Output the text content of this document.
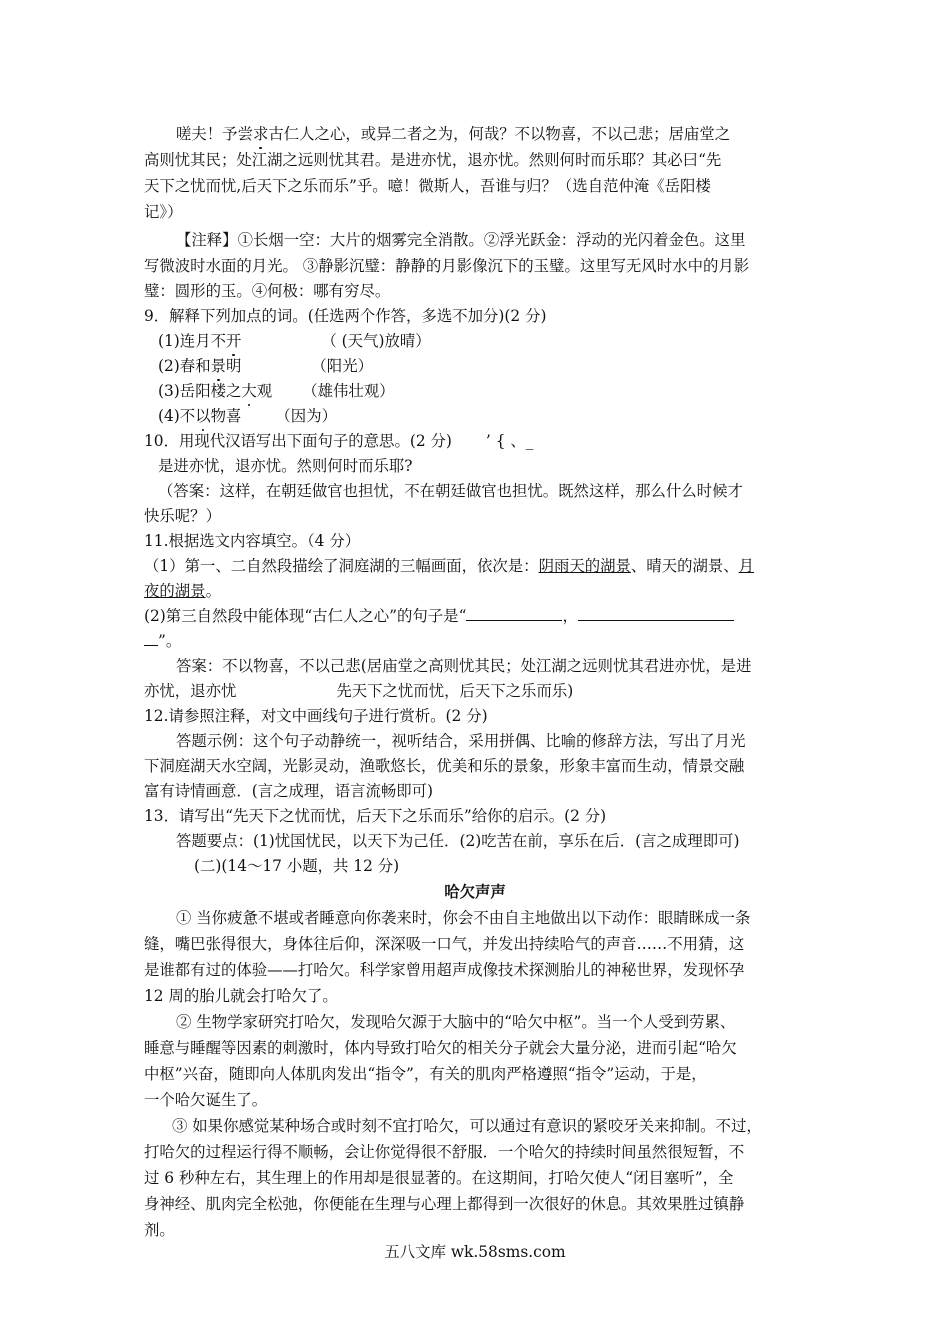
嗟夫！予尝求古仁人之心，或异二者之为，何哉？不以物喜，不以己悲；居庙堂之
高则忧其民；处江湖之远则忧其君。是进亦忧，退亦忧。然则何时而乐耶？其必曰“先
天下之忧而忧,后天下之乐而乐”乎。噫！微斯人，吾谁与归？（选自范仲淹《岳阳楼
记》）
【注释】①长烟一空：大片的烟雾完全消散。②浮光跃金：浮动的光闪着金色。这里
写微波时水面的月光。 ③静影沉璧：静静的月影像沉下的玉璧。这里写无风时水中的月影
璧：圆形的玉。④何极：哪有穷尽。
9．解释下列加点的词。(任选两个作答，多选不加分)(2 分)
(1)连月不开	（ (天气)放晴）
(2)春和景明	（阳光）
(3)岳阳楼之大观 （雄伟壮观）
(4)不以物喜 （因为）
10．用现代汉语写出下面句子的意思。(2 分) ’ { 、_
是进亦忧，退亦忧。然则何时而乐耶?
（答案：这样，在朝廷做官也担忧，不在朝廷做官也担忧。既然这样，那么什么时候才
快乐呢？）
11.根据选文内容填空。（4 分）
（1）第一、二自然段描绘了洞庭湖的三幅画面，依次是：阴雨天的湖景、晴天的湖景、月
夜的湖景。
(2)第三自然段中能体现“古仁人之心”的句子是“	，
”。
答案：不以物喜，不以己悲(居庙堂之高则忧其民；处江湖之远则忧其君进亦忧，是进
亦忧，退亦忧	先天下之忧而忧，后天下之乐而乐)
12.请参照注释，对文中画线句子进行赏析。(2 分)
答题示例：这个句子动静统一，视听结合，采用拼偶、比喻的修辞方法，写出了月光
下洞庭湖天水空阔，光影灵动，渔歌悠长，优美和乐的景象，形象丰富而生动，情景交融
富有诗情画意．(言之成理，语言流畅即可)
13．请写出“先天下之忧而忧，后天下之乐而乐”给你的启示。(2 分)
答题要点：(1)忧国忧民，以天下为己任．(2)吃苦在前，享乐在后．(言之成理即可)
(二)(14～17 小题，共 12 分)
哈欠声声
① 当你疲惫不堪或者睡意向你袭来时，你会不由自主地做出以下动作：眼睛眯成一条
缝，嘴巴张得很大，身体往后仰，深深吸一口气，并发出持续哈气的声音……不用猜，这
是谁都有过的体验——打哈欠。科学家曾用超声成像技术探测胎儿的神秘世界，发现怀孕
12 周的胎儿就会打哈欠了。
② 生物学家研究打哈欠，发现哈欠源于大脑中的“哈欠中枢”。当一个人受到劳累、
睡意与睡醒等因素的刺激时，体内导致打哈欠的相关分子就会大量分泌，进而引起“哈欠
中枢”兴奋，随即向人体肌肉发出“指令”，有关的肌肉严格遵照“指令”运动，于是，
一个哈欠诞生了。
③ 如果你感觉某种场合或时刻不宜打哈欠，可以通过有意识的紧咬牙关来抑制。不过，
打哈欠的过程运行得不顺畅，会让你觉得很不舒服．一个哈欠的持续时间虽然很短暂，不
过 6 秒种左右，其生理上的作用却是很显著的。在这期间，打哈欠使人“闭目塞听”，全
身神经、肌肉完全松弛，你便能在生理与心理上都得到一次很好的休息。其效果胜过镇静
剂。
五八文库 wk.58sms.com
